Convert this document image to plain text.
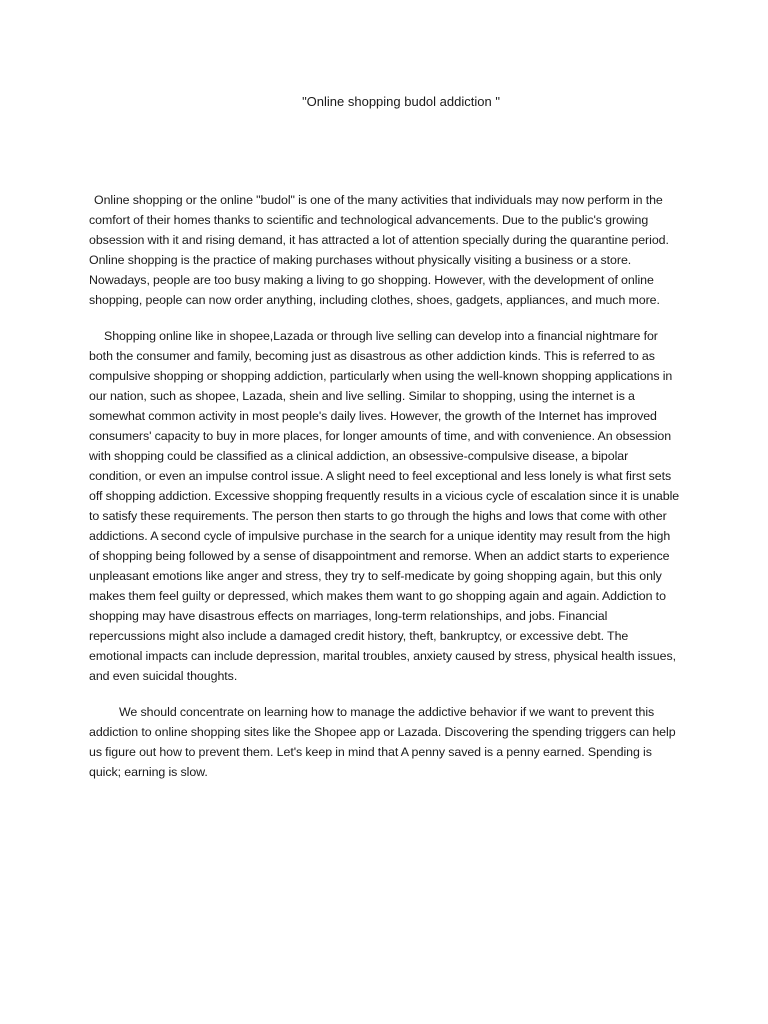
"Online shopping budol addiction "

Online shopping or the online "budol" is one of the many activities that individuals may now perform in the comfort of their homes thanks to scientific and technological advancements. Due to the public's growing obsession with it and rising demand, it has attracted a lot of attention specially during the quarantine period. Online shopping is the practice of making purchases without physically visiting a business or a store. Nowadays, people are too busy making a living to go shopping. However, with the development of online shopping, people can now order anything, including clothes, shoes, gadgets, appliances, and much more.

Shopping online like in shopee,Lazada or through live selling can develop into a financial nightmare for both the consumer and family, becoming just as disastrous as other addiction kinds. This is referred to as compulsive shopping or shopping addiction, particularly when using the well-known shopping applications in our nation, such as shopee, Lazada, shein and live selling. Similar to shopping, using the internet is a somewhat common activity in most people's daily lives. However, the growth of the Internet has improved consumers' capacity to buy in more places, for longer amounts of time, and with convenience. An obsession with shopping could be classified as a clinical addiction, an obsessive-compulsive disease, a bipolar condition, or even an impulse control issue. A slight need to feel exceptional and less lonely is what first sets off shopping addiction. Excessive shopping frequently results in a vicious cycle of escalation since it is unable to satisfy these requirements. The person then starts to go through the highs and lows that come with other addictions. A second cycle of impulsive purchase in the search for a unique identity may result from the high of shopping being followed by a sense of disappointment and remorse. When an addict starts to experience unpleasant emotions like anger and stress, they try to self-medicate by going shopping again, but this only makes them feel guilty or depressed, which makes them want to go shopping again and again. Addiction to shopping may have disastrous effects on marriages, long-term relationships, and jobs. Financial repercussions might also include a damaged credit history, theft, bankruptcy, or excessive debt. The emotional impacts can include depression, marital troubles, anxiety caused by stress, physical health issues, and even suicidal thoughts.

We should concentrate on learning how to manage the addictive behavior if we want to prevent this addiction to online shopping sites like the Shopee app or Lazada. Discovering the spending triggers can help us figure out how to prevent them. Let's keep in mind that A penny saved is a penny earned. Spending is quick; earning is slow.
